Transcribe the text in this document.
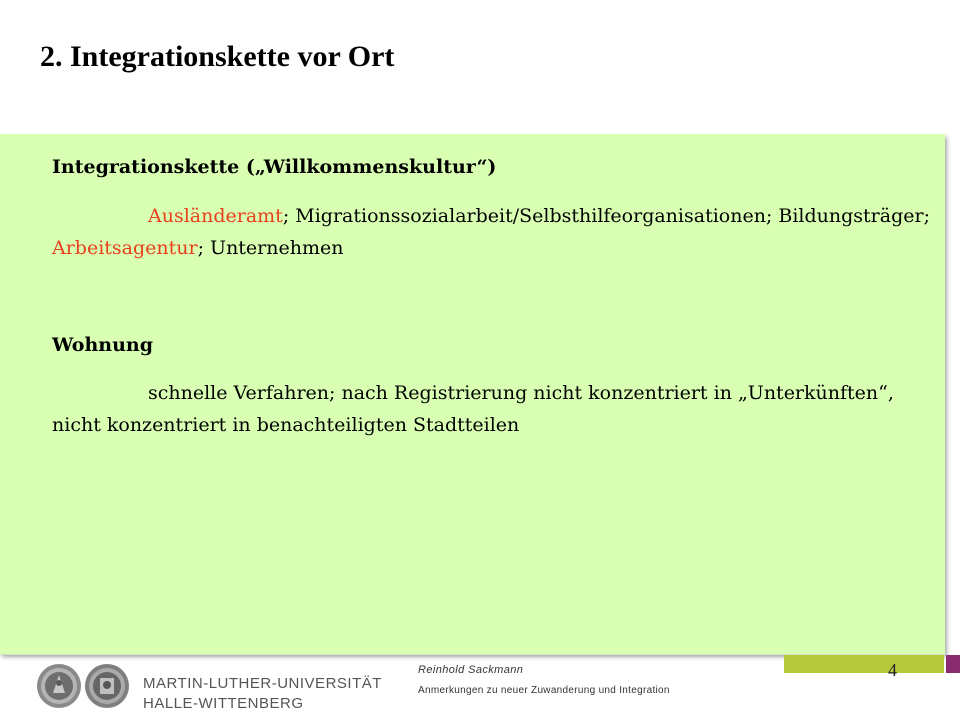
2. Integrationskette vor Ort
Integrationskette („Willkommenskultur“)
Ausländeramt; Migrationssozialarbeit/Selbsthilfeorganisationen; Bildungsträger; Arbeitsagentur; Unternehmen
Wohnung
schnelle Verfahren; nach Registrierung nicht konzentriert in „Unterkünften“, nicht konzentriert in benachteiligten Stadtteilen
4
MARTIN-LUTHER-UNIVERSITÄT
HALLE-WITTENBERG
Reinhold Sackmann
Anmerkungen zu neuer Zuwanderung und Integration
